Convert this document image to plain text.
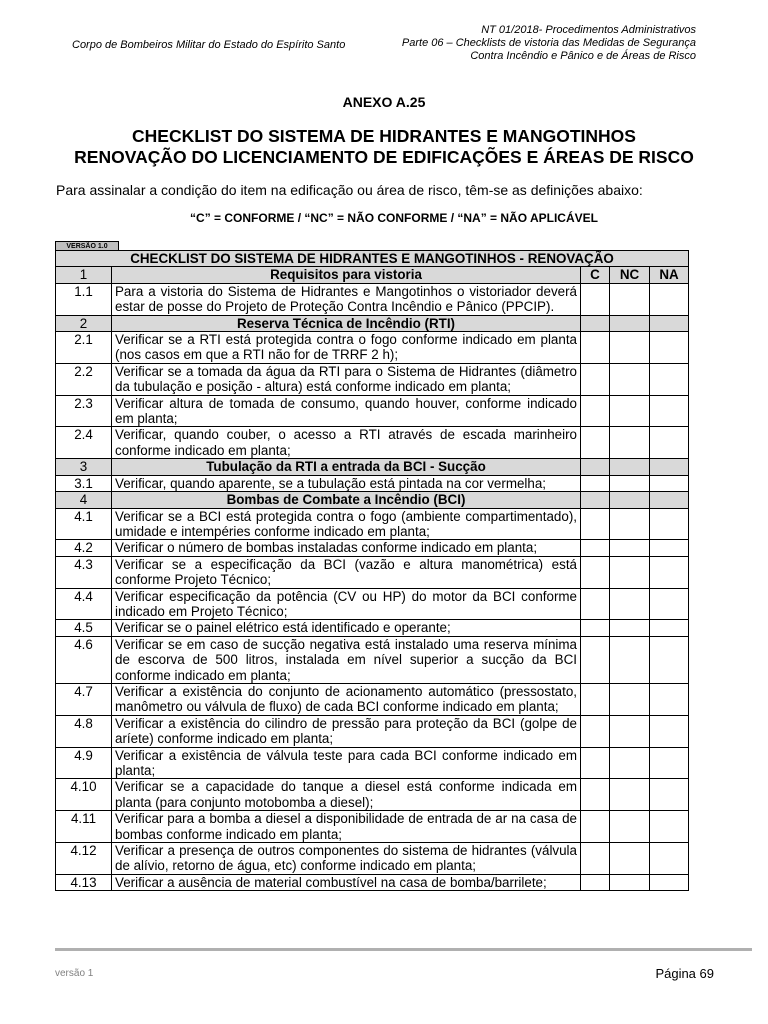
Corpo de Bombeiros Militar do Estado do Espírito Santo
NT 01/2018- Procedimentos Administrativos
Parte 06 – Checklists de vistoria das Medidas de Segurança
Contra Incêndio e Pânico e de Áreas de Risco
ANEXO A.25
CHECKLIST DO SISTEMA DE HIDRANTES E MANGOTINHOS
RENOVAÇÃO DO LICENCIAMENTO DE EDIFICAÇÕES E ÁREAS DE RISCO
Para assinalar a condição do item na edificação ou área de risco, têm-se as definições abaixo:
“C” = CONFORME / “NC” = NÃO CONFORME / “NA” = NÃO APLICÁVEL
VERSÃO 1.0
CHECKLIST DO SISTEMA DE HIDRANTES E MANGOTINHOS - RENOVAÇÃO				
1	Requisitos para vistoria	C	NC	NA
1.1	Para a vistoria do Sistema de Hidrantes e Mangotinhos o vistoriador deverá estar de posse do Projeto de Proteção Contra Incêndio e Pânico (PPCIP).			
2	Reserva Técnica de Incêndio (RTI)			
2.1	Verificar se a RTI está protegida contra o fogo conforme indicado em planta (nos casos em que a RTI não for de TRRF 2 h);			
2.2	Verificar se a tomada da água da RTI para o Sistema de Hidrantes (diâmetro da tubulação e posição - altura) está conforme indicado em planta;			
2.3	Verificar altura de tomada de consumo, quando houver, conforme indicado em planta;			
2.4	Verificar, quando couber, o acesso a RTI através de escada marinheiro conforme indicado em planta;			
3	Tubulação da RTI a entrada da BCI - Sucção			
3.1	Verificar, quando aparente, se a tubulação está pintada na cor vermelha;			
4	Bombas de Combate a Incêndio (BCI)			
4.1	Verificar se a BCI está protegida contra o fogo (ambiente compartimentado), umidade e intempéries conforme indicado em planta;			
4.2	Verificar o número de bombas instaladas conforme indicado em planta;			
4.3	Verificar se a especificação da BCI (vazão e altura manométrica) está conforme Projeto Técnico;			
4.4	Verificar especificação da potência (CV ou HP) do motor da BCI conforme indicado em Projeto Técnico;			
4.5	Verificar se o painel elétrico está identificado e operante;			
4.6	Verificar se em caso de sucção negativa está instalado uma reserva mínima de escorva de 500 litros, instalada em nível superior a sucção da BCI conforme indicado em planta;			
4.7	Verificar a existência do conjunto de acionamento automático (pressostato, manômetro ou válvula de fluxo) de cada BCI conforme indicado em planta;			
4.8	Verificar a existência do cilindro de pressão para proteção da BCI (golpe de aríete) conforme indicado em planta;			
4.9	Verificar a existência de válvula teste para cada BCI conforme indicado em planta;			
4.10	Verificar se a capacidade do tanque a diesel está conforme indicada em planta (para conjunto motobomba a diesel);			
4.11	Verificar para a bomba a diesel a disponibilidade de entrada de ar na casa de bombas conforme indicado em planta;			
4.12	Verificar a presença de outros componentes do sistema de hidrantes (válvula de alívio, retorno de água, etc) conforme indicado em planta;			
4.13	Verificar a ausência de material combustível na casa de bomba/barrilete;			
versão 1	Página 69
